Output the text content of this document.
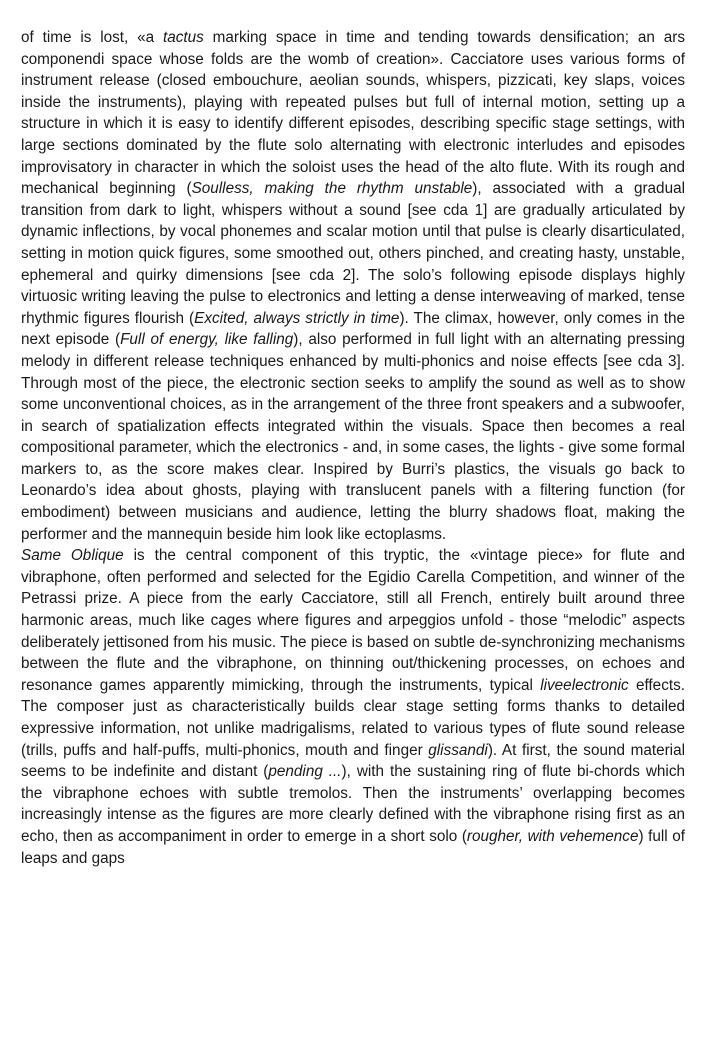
of time is lost, «a tactus marking space in time and tending towards densification; an ars componendi space whose folds are the womb of creation». Cacciatore uses various forms of instrument release (closed embouchure, aeolian sounds, whispers, pizzicati, key slaps, voices inside the instruments), playing with repeated pulses but full of internal motion, setting up a structure in which it is easy to identify different episodes, describing specific stage settings, with large sections dominated by the flute solo alternating with electronic interludes and episodes improvisatory in character in which the soloist uses the head of the alto flute. With its rough and mechanical beginning (Soulless, making the rhythm unstable), associated with a gradual transition from dark to light, whispers without a sound [see cda 1] are gradually articulated by dynamic inflections, by vocal phonemes and scalar motion until that pulse is clearly disarticulated, setting in motion quick figures, some smoothed out, others pinched, and creating hasty, unstable, ephemeral and quirky dimensions [see cda 2]. The solo’s following episode displays highly virtuosic writing leaving the pulse to electronics and letting a dense interweaving of marked, tense rhythmic figures flourish (Excited, always strictly in time). The climax, however, only comes in the next episode (Full of energy, like falling), also performed in full light with an alternating pressing melody in different release techniques enhanced by multi-phonics and noise effects [see cda 3]. Through most of the piece, the electronic section seeks to amplify the sound as well as to show some unconventional choices, as in the arrangement of the three front speakers and a subwoofer, in search of spatialization effects integrated within the visuals. Space then becomes a real compositional parameter, which the electronics - and, in some cases, the lights - give some formal markers to, as the score makes clear. Inspired by Burri’s plastics, the visuals go back to Leonardo’s idea about ghosts, playing with translucent panels with a filtering function (for embodiment) between musicians and audience, letting the blurry shadows float, making the performer and the mannequin beside him look like ectoplasms.

Same Oblique is the central component of this tryptic, the «vintage piece» for flute and vibraphone, often performed and selected for the Egidio Carella Competition, and winner of the Petrassi prize. A piece from the early Cacciatore, still all French, entirely built around three harmonic areas, much like cages where figures and arpeggios unfold - those “melodic” aspects deliberately jettisoned from his music. The piece is based on subtle de-synchronizing mechanisms between the flute and the vibraphone, on thinning out/thickening processes, on echoes and resonance games apparently mimicking, through the instruments, typical liveelectronic effects. The composer just as characteristically builds clear stage setting forms thanks to detailed expressive information, not unlike madrigalisms, related to various types of flute sound release (trills, puffs and half-puffs, multi-phonics, mouth and finger glissandi). At first, the sound material seems to be indefinite and distant (pending ...), with the sustaining ring of flute bi-chords which the vibraphone echoes with subtle tremolos. Then the instruments’ overlapping becomes increasingly intense as the figures are more clearly defined with the vibraphone rising first as an echo, then as accompaniment in order to emerge in a short solo (rougher, with vehemence) full of leaps and gaps
